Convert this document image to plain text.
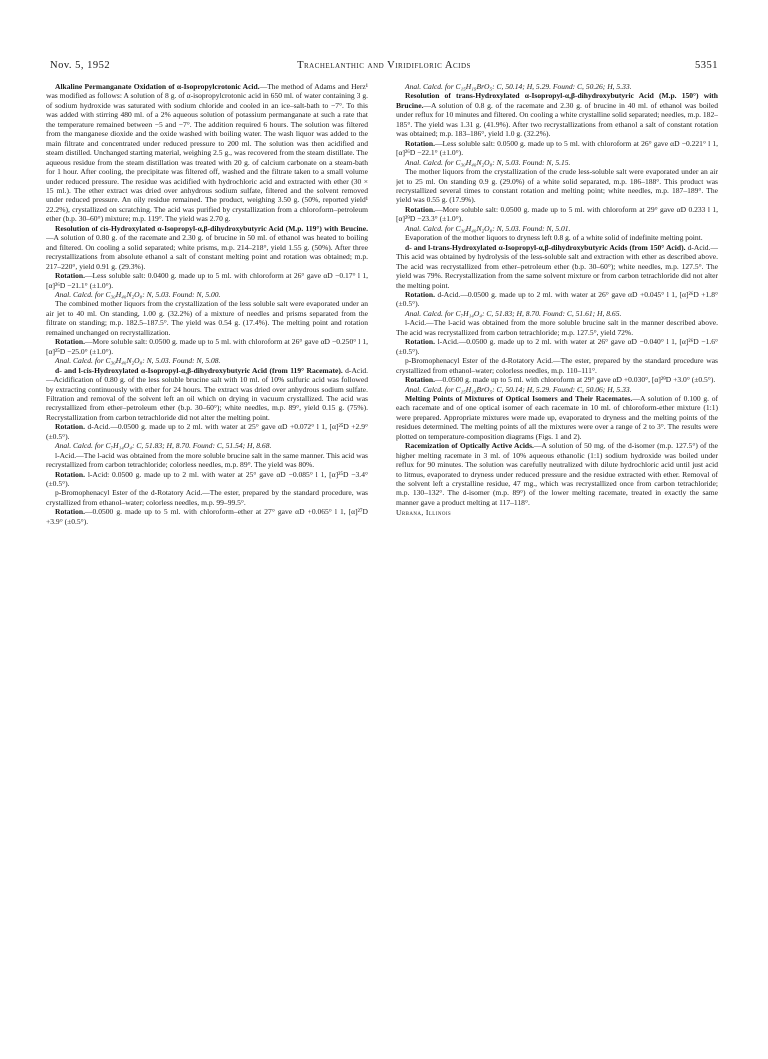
Nov. 5, 1952	Trachelanthic and Viridifloric Acids	5351

Alkaline Permanganate Oxidation of α-Isopropylcrotonic Acid.—The method of Adams and Herz¹ was modified as follows: A solution of 8 g. of α-isopropylcrotonic acid in 650 ml. of water containing 3 g. of sodium hydroxide was saturated with sodium chloride and cooled in an ice–salt-bath to −7°. To this was added with stirring 480 ml. of a 2% aqueous solution of potassium permanganate at such a rate that the temperature remained between −5 and −7°. The addition required 6 hours. The solution was filtered from the manganese dioxide and the oxide washed with boiling water. The wash liquor was added to the main filtrate and concentrated under reduced pressure to 200 ml. The solution was then acidified and steam distilled. Unchanged starting material, weighing 2.5 g., was recovered from the steam distillate. The aqueous residue from the steam distillation was treated with 20 g. of calcium carbonate on a steam-bath for 1 hour. After cooling, the precipitate was filtered off, washed and the filtrate taken to a small volume under reduced pressure. The residue was acidified with hydrochloric acid and extracted with ether (30 × 15 ml.). The ether extract was dried over anhydrous sodium sulfate, filtered and the solvent removed under reduced pressure. An oily residue remained. The product, weighing 3.50 g. (50%, reported yield¹ 22.2%), crystallized on scratching. The acid was purified by crystallization from a chloroform–petroleum ether (b.p. 30–60°) mixture; m.p. 119°. The yield was 2.70 g.

Resolution of cis-Hydroxylated α-Isopropyl-α,β-dihydroxybutyric Acid (M.p. 119°) with Brucine.—A solution of 0.80 g. of the racemate and 2.30 g. of brucine in 50 ml. of ethanol was heated to boiling and filtered. On cooling a solid separated; white prisms, m.p. 214–218°, yield 1.55 g. (50%). After three recrystallizations from absolute ethanol a salt of constant melting point and rotation was obtained; m.p. 217–220°, yield 0.91 g. (29.3%).

Rotation.—Less soluble salt: 0.0400 g. made up to 5 ml. with chloroform at 26° gave αD −0.17° l 1, [α]²⁶D −21.1° (±1.0°).

Anal. Calcd. for C₃₀H₄₀N₂O₈: N, 5.03. Found: N, 5.00.

The combined mother liquors from the crystallization of the less soluble salt were evaporated under an air jet to 40 ml. On standing, 1.00 g. (32.2%) of a mixture of needles and prisms separated from the filtrate on standing; m.p. 182.5–187.5°. The yield was 0.54 g. (17.4%). The melting point and rotation remained unchanged on recrystallization.

Rotation.—More soluble salt: 0.0500 g. made up to 5 ml. with chloroform at 26° gave αD −0.250° l 1, [α]²⁵D −25.0° (±1.0°).

Anal. Calcd. for C₃₀H₄₀N₂O₈: N, 5.03. Found: N, 5.08.

d- and l-cis-Hydroxylated α-Isopropyl-α,β-dihydroxybutyric Acid (from 119° Racemate). d-Acid.—Acidification of 0.80 g. of the less soluble brucine salt with 10 ml. of 10% sulfuric acid was followed by extracting continuously with ether for 24 hours. The extract was dried over anhydrous sodium sulfate. Filtration and removal of the solvent left an oil which on drying in vacuum crystallized. The acid was recrystallized from ether–petroleum ether (b.p. 30–60°); white needles, m.p. 89°, yield 0.15 g. (75%). Recrystallization from carbon tetrachloride did not alter the melting point.

Rotation. d-Acid.—0.0500 g. made up to 2 ml. with water at 25° gave αD +0.072° l 1, [α]²⁵D +2.9° (±0.5°).

Anal. Calcd. for C₇H₁₄O₄: C, 51.83; H, 8.70. Found: C, 51.54; H, 8.68.

l-Acid.—The l-acid was obtained from the more soluble brucine salt in the same manner. This acid was recrystallized from carbon tetrachloride; colorless needles, m.p. 89°. The yield was 80%.

Rotation. l-Acid: 0.0500 g. made up to 2 ml. with water at 25° gave αD −0.085° l 1, [α]²⁵D −3.4° (±0.5°).

p-Bromophenacyl Ester of the d-Rotatory Acid.—The ester, prepared by the standard procedure, was crystallized from ethanol–water; colorless needles, m.p. 99–99.5°.

Rotation.—0.0500 g. made up to 5 ml. with chloroform–ether at 27° gave αD +0.065° l 1, [α]²⁷D +3.9° (±0.5°).

Anal. Calcd. for C₁₅H₁₉BrO₅: C, 50.14; H, 5.29. Found: C, 50.26; H, 5.33.

Resolution of trans-Hydroxylated α-Isopropyl-α,β-dihydroxybutyric Acid (M.p. 150°) with Brucine.—A solution of 0.8 g. of the racemate and 2.30 g. of brucine in 40 ml. of ethanol was boiled under reflux for 10 minutes and filtered. On cooling a white crystalline solid separated; needles, m.p. 182–185°. The yield was 1.31 g. (41.9%). After two recrystallizations from ethanol a salt of constant rotation was obtained; m.p. 183–186°, yield 1.0 g. (32.2%).

Rotation.—Less soluble salt: 0.0500 g. made up to 5 ml. with chloroform at 26° gave αD −0.221° l 1, [α]²⁶D −22.1° (±1.0°).

Anal. Calcd. for C₃₀H₄₀N₂O₈: N, 5.03. Found: N, 5.15.

The mother liquors from the crystallization of the crude less-soluble salt were evaporated under an air jet to 25 ml. On standing 0.9 g. (29.0%) of a white solid separated, m.p. 186–188°. This product was recrystallized several times to constant rotation and melting point; white needles, m.p. 187–189°. The yield was 0.55 g. (17.9%).

Rotation.—More soluble salt: 0.0500 g. made up to 5 ml. with chloroform at 29° gave αD 0.233 l 1, [α]²⁹D −23.3° (±1.0°).

Anal. Calcd. for C₃₀H₄₀N₂O₈: N, 5.03. Found: N, 5.01.

Evaporation of the mother liquors to dryness left 0.8 g. of a white solid of indefinite melting point.

d- and l-trans-Hydroxylated α-Isopropyl-α,β-dihydroxybutyric Acids (from 150° Acid). d-Acid.—This acid was obtained by hydrolysis of the less-soluble salt and extraction with ether as described above. The acid was recrystallized from ether–petroleum ether (b.p. 30–60°); white needles, m.p. 127.5°. The yield was 79%. Recrystallization from the same solvent mixture or from carbon tetrachloride did not alter the melting point.

Rotation. d-Acid.—0.0500 g. made up to 2 ml. with water at 26° gave αD +0.045° l 1, [α]²⁶D +1.8° (±0.5°).

Anal. Calcd. for C₇H₁₄O₄: C, 51.83; H, 8.70. Found: C, 51.61; H, 8.65.

l-Acid.—The l-acid was obtained from the more soluble brucine salt in the manner described above. The acid was recrystallized from carbon tetrachloride; m.p. 127.5°, yield 72%.

Rotation. l-Acid.—0.0500 g. made up to 2 ml. with water at 26° gave αD −0.040° l 1, [α]²⁶D −1.6° (±0.5°).

p-Bromophenacyl Ester of the d-Rotatory Acid.—The ester, prepared by the standard procedure was crystallized from ethanol–water; colorless needles, m.p. 110–111°.

Rotation.—0.0500 g. made up to 5 ml. with chloroform at 29° gave αD +0.030°, [α]²⁹D +3.0° (±0.5°).

Anal. Calcd. for C₁₅H₁₉BrO₅: C, 50.14; H, 5.29. Found: C, 50.06; H, 5.33.

Melting Points of Mixtures of Optical Isomers and Their Racemates.—A solution of 0.100 g. of each racemate and of one optical isomer of each racemate in 10 ml. of chloroform-ether mixture (1:1) were prepared. Appropriate mixtures were made up, evaporated to dryness and the melting points of the residues determined. The melting points of all the mixtures were over a range of 2 to 3°. The results were plotted on temperature-composition diagrams (Figs. 1 and 2).

Racemization of Optically Active Acids.—A solution of 50 mg. of the d-isomer (m.p. 127.5°) of the higher melting racemate in 3 ml. of 10% aqueous ethanolic (1:1) sodium hydroxide was boiled under reflux for 90 minutes. The solution was carefully neutralized with dilute hydrochloric acid until just acid to litmus, evaporated to dryness under reduced pressure and the residue extracted with ether. Removal of the solvent left a crystalline residue, 47 mg., which was recrystallized once from carbon tetrachloride; m.p. 130–132°. The d-isomer (m.p. 89°) of the lower melting racemate, treated in exactly the same manner gave a product melting at 117–118°.

Urbana, Illinois
